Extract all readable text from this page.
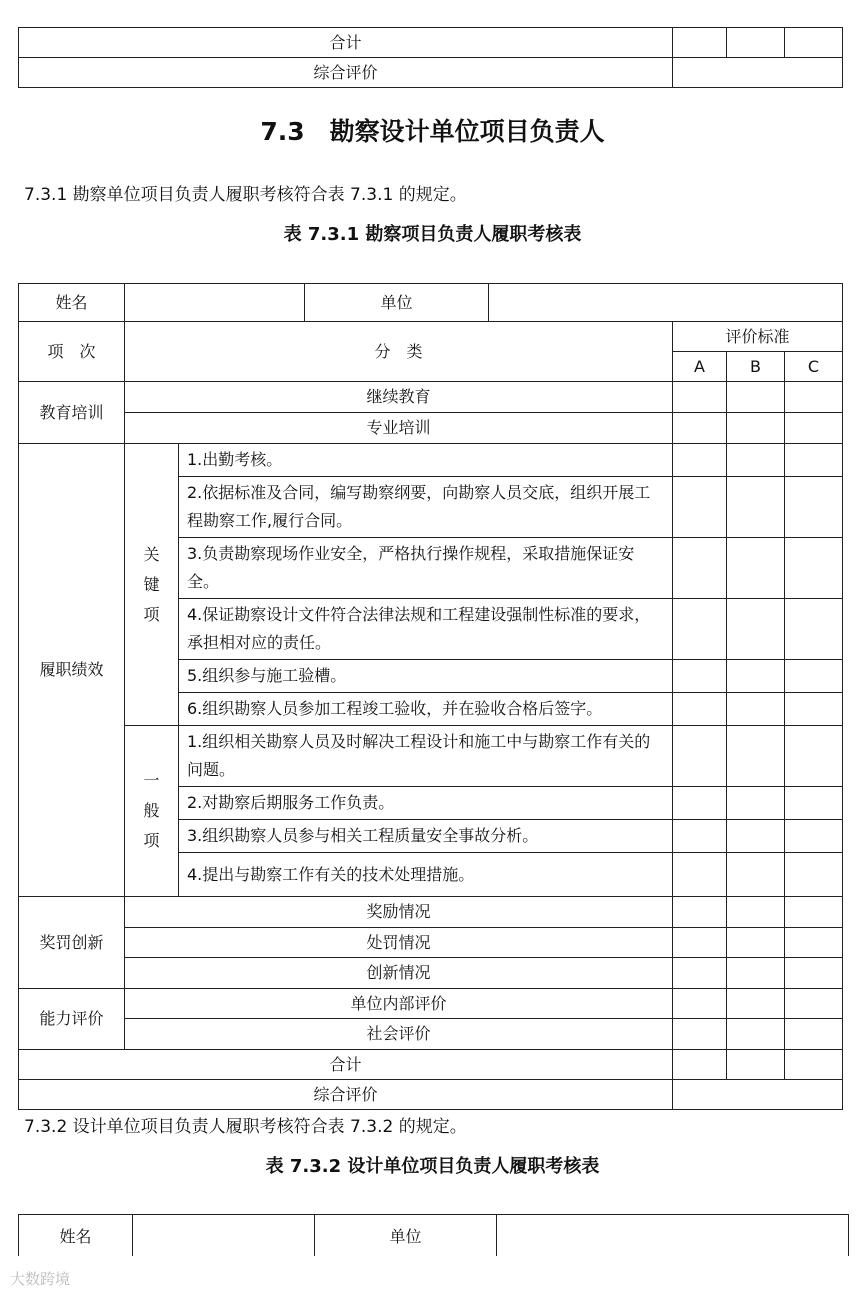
合计			
综合评价			
7.3　勘察设计单位项目负责人
7.3.1 勘察单位项目负责人履职考核符合表 7.3.1 的规定。
表 7.3.1 勘察项目负责人履职考核表
姓名			单位				
项　次	分　类				评价标准		
					A	B	C
教育培训	继续教育						
	专业培训						
履职绩效	关
键
项	1.出勤考核。					
		2.依据标准及合同，编写勘察纲要，向勘察人员交底，组织开展工程勘察工作,履行合同。					
		3.负责勘察现场作业安全，严格执行操作规程，采取措施保证安全。					
		4.保证勘察设计文件符合法律法规和工程建设强制性标准的要求，承担相对应的责任。					
		5.组织参与施工验槽。					
		6.组织勘察人员参加工程竣工验收，并在验收合格后签字。					
	一
般
项	1.组织相关勘察人员及时解决工程设计和施工中与勘察工作有关的问题。					
		2.对勘察后期服务工作负责。					
		3.组织勘察人员参与相关工程质量安全事故分析。					
		4.提出与勘察工作有关的技术处理措施。					
奖罚创新	奖励情况						
	处罚情况						
	创新情况						
能力评价	单位内部评价						
	社会评价						
合计							
综合评价							
7.3.2 设计单位项目负责人履职考核符合表 7.3.2 的规定。
表 7.3.2 设计单位项目负责人履职考核表
姓名		单位	
大数跨境
